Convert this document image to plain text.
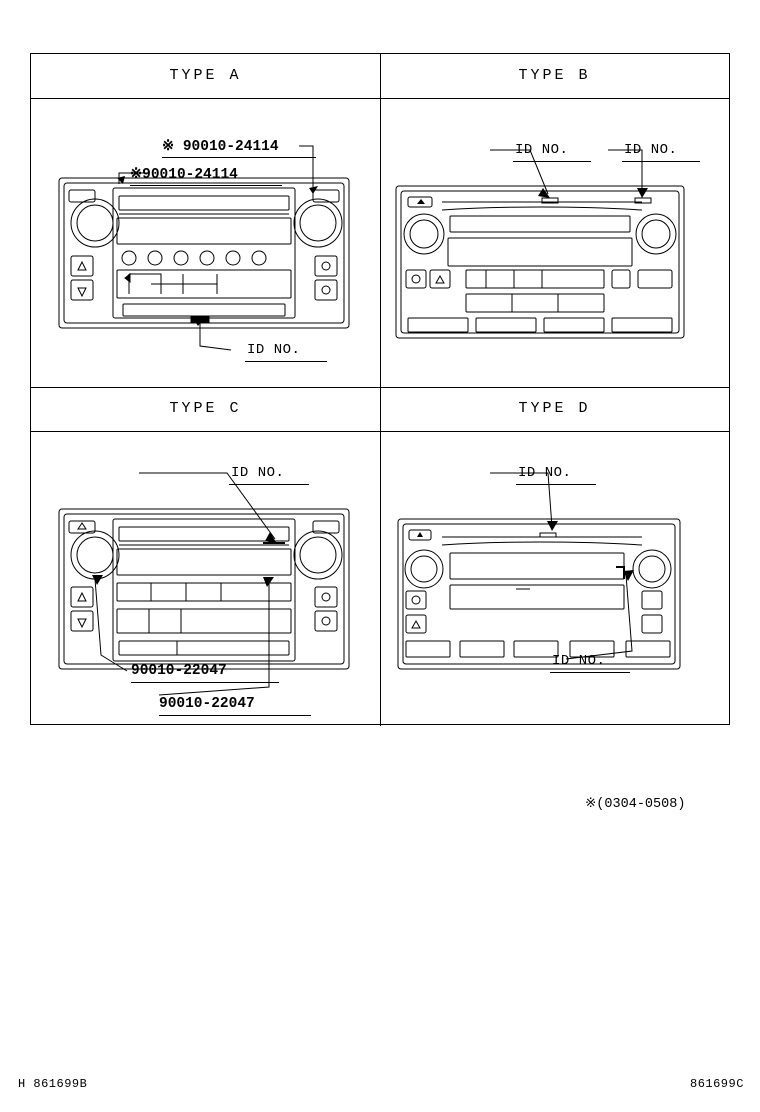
TYPE A	TYPE B
TYPE C	TYPE D
※ 90010-24114
※90010-24114
ID NO.
ID NO.	ID NO.
ID NO.
90010-22047
90010-22047
ID NO.
ID NO.
※(0304-0508)
H 861699B	861699C
